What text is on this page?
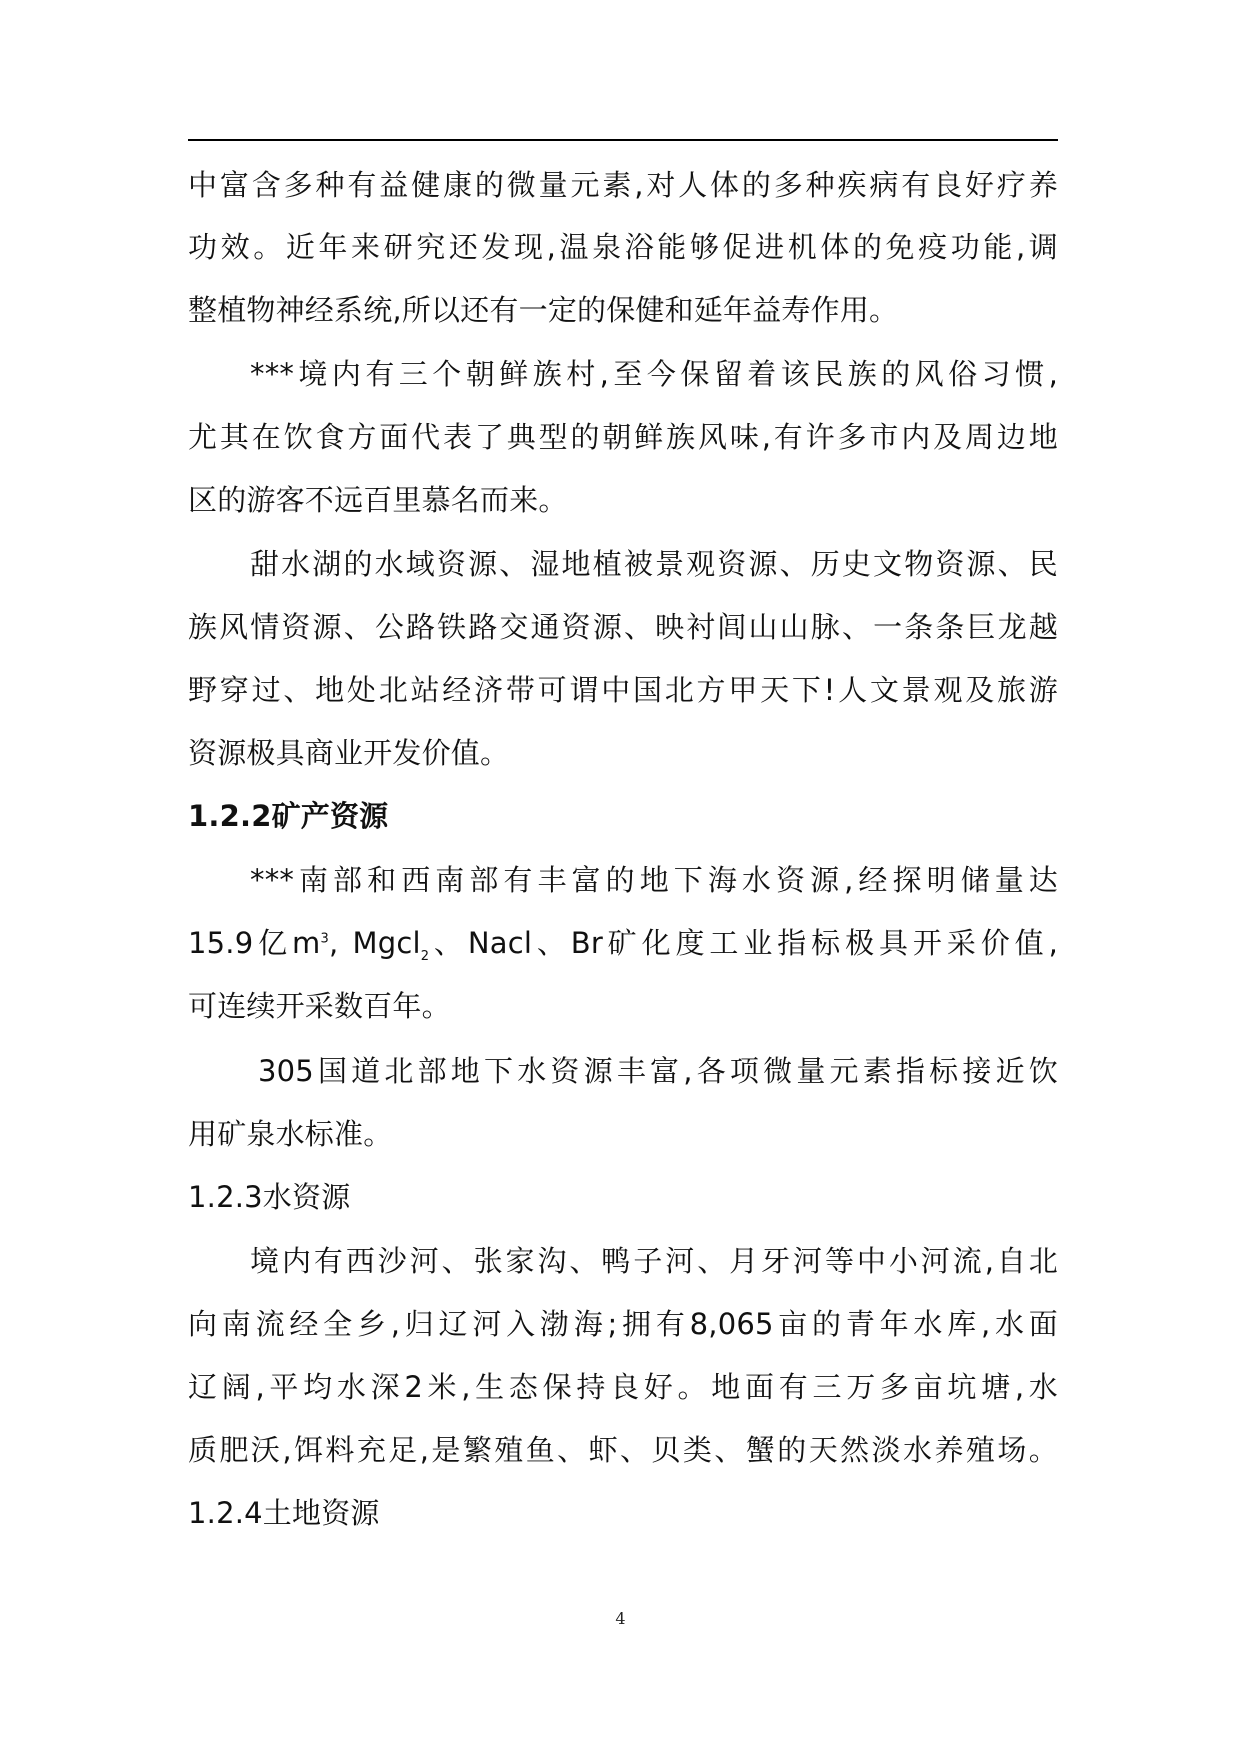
中富含多种有益健康的微量元素,对人体的多种疾病有良好疗养
功效。近年来研究还发现,温泉浴能够促进机体的免疫功能,调
整植物神经系统,所以还有一定的保健和延年益寿作用。
***境内有三个朝鲜族村,至今保留着该民族的风俗习惯,
尤其在饮食方面代表了典型的朝鲜族风味,有许多市内及周边地
区的游客不远百里慕名而来。
甜水湖的水域资源、湿地植被景观资源、历史文物资源、民
族风情资源、公路铁路交通资源、映衬闾山山脉、一条条巨龙越
野穿过、地处北站经济带可谓中国北方甲天下!人文景观及旅游
资源极具商业开发价值。
1.2.2矿产资源
***南部和西南部有丰富的地下海水资源,经探明储量达
15.9亿$m^3$, Mgcl$_2$、Nacl、Br矿化度工业指标极具开采价值,
可连续开采数百年。
305国道北部地下水资源丰富,各项微量元素指标接近饮
用矿泉水标准。
1.2.3水资源
境内有西沙河、张家沟、鸭子河、月牙河等中小河流,自北
向南流经全乡,归辽河入渤海;拥有8,065亩的青年水库,水面
辽阔,平均水深2米,生态保持良好。地面有三万多亩坑塘,水
质肥沃,饵料充足,是繁殖鱼、虾、贝类、蟹的天然淡水养殖场。
1.2.4土地资源
4
